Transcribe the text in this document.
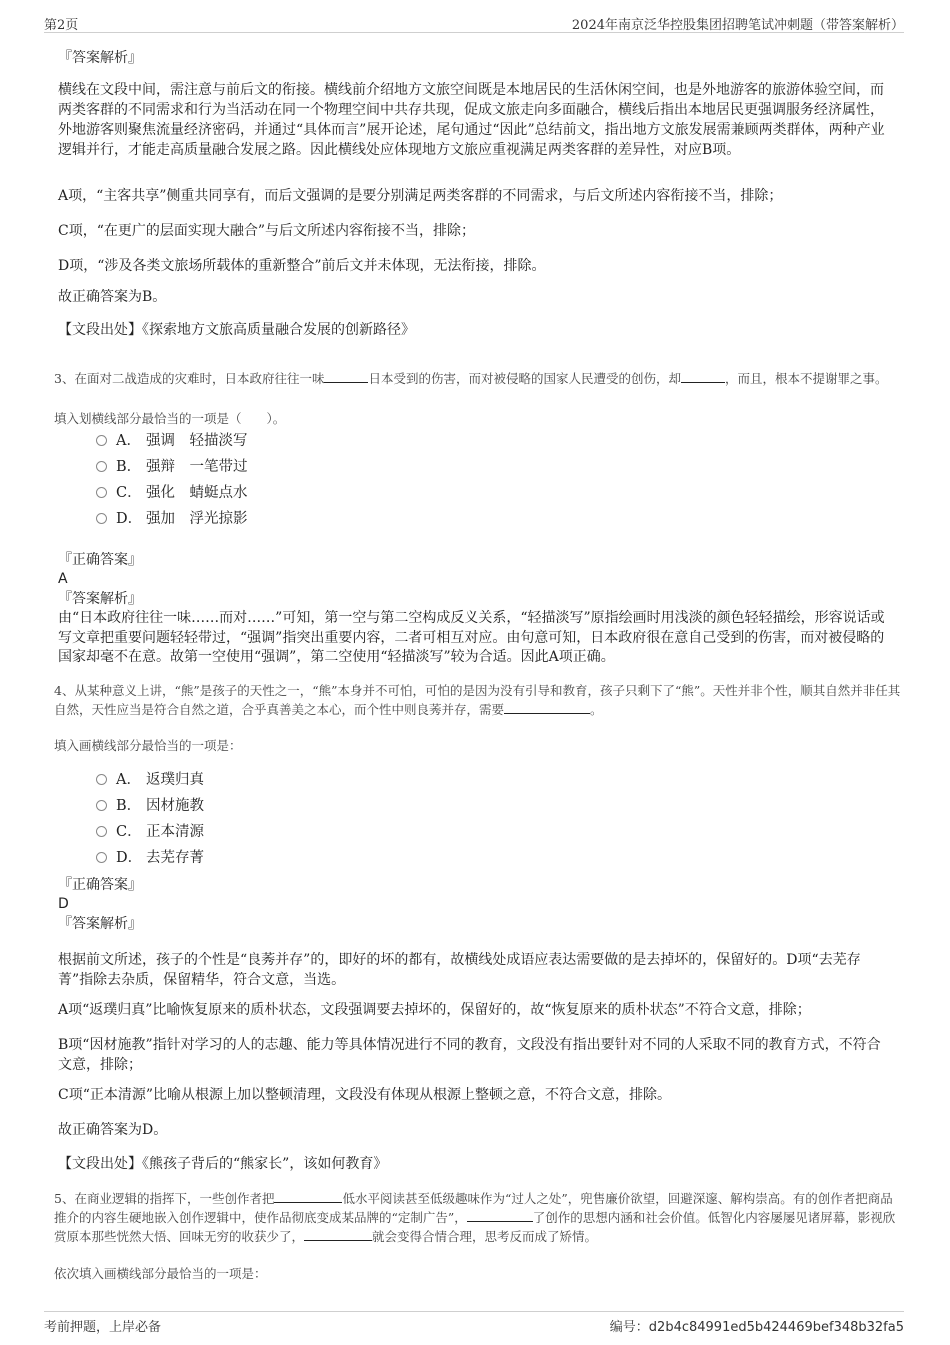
第2页	2024年南京泛华控股集团招聘笔试冲刺题（带答案解析）

『答案解析』

横线在文段中间，需注意与前后文的衔接。横线前介绍地方文旅空间既是本地居民的生活休闲空间，也是外地游客的旅游体验空间，而两类客群的不同需求和行为当活动在同一个物理空间中共存共现，促成文旅走向多面融合，横线后指出本地居民更强调服务经济属性，外地游客则聚焦流量经济密码，并通过“具体而言”展开论述，尾句通过“因此”总结前文，指出地方文旅发展需兼顾两类群体，两种产业逻辑并行，才能走高质量融合发展之路。因此横线处应体现地方文旅应重视满足两类客群的差异性，对应B项。

A项，“主客共享”侧重共同享有，而后文强调的是要分别满足两类客群的不同需求，与后文所述内容衔接不当，排除；

C项，“在更广的层面实现大融合”与后文所述内容衔接不当，排除；

D项，“涉及各类文旅场所载体的重新整合”前后文并未体现，无法衔接，排除。

故正确答案为B。

【文段出处】《探索地方文旅高质量融合发展的创新路径》

3、在面对二战造成的灾难时，日本政府往往一味	日本受到的伤害，而对被侵略的国家人民遭受的创伤，却	，而且，根本不提谢罪之事。

填入划横线部分最恰当的一项是（　　）。

A． 强调　轻描淡写
B． 强辩　一笔带过
C． 强化　蜻蜓点水
D． 强加　浮光掠影

『正确答案』

A

『答案解析』

由“日本政府往往一味……而对……”可知，第一空与第二空构成反义关系，“轻描淡写”原指绘画时用浅淡的颜色轻轻描绘，形容说话或写文章把重要问题轻轻带过，“强调”指突出重要内容，二者可相互对应。由句意可知，日本政府很在意自己受到的伤害，而对被侵略的国家却毫不在意。故第一空使用“强调”，第二空使用“轻描淡写”较为合适。因此A项正确。

4、从某种意义上讲，“熊”是孩子的天性之一，“熊”本身并不可怕，可怕的是因为没有引导和教育，孩子只剩下了“熊”。天性并非个性，顺其自然并非任其自然，天性应当是符合自然之道，合乎真善美之本心，而个性中则良莠并存，需要	。

填入画横线部分最恰当的一项是：

A． 返璞归真
B． 因材施教
C． 正本清源
D． 去芜存菁

『正确答案』

D

『答案解析』

根据前文所述，孩子的个性是“良莠并存”的，即好的坏的都有，故横线处成语应表达需要做的是去掉坏的，保留好的。D项“去芜存菁”指除去杂质，保留精华，符合文意，当选。

A项“返璞归真”比喻恢复原来的质朴状态，文段强调要去掉坏的，保留好的，故“恢复原来的质朴状态”不符合文意，排除；

B项“因材施教”指针对学习的人的志趣、能力等具体情况进行不同的教育，文段没有指出要针对不同的人采取不同的教育方式，不符合文意，排除；

C项“正本清源”比喻从根源上加以整顿清理，文段没有体现从根源上整顿之意，不符合文意，排除。

故正确答案为D。

【文段出处】《熊孩子背后的“熊家长”，该如何教育》

5、在商业逻辑的指挥下，一些创作者把	低水平阅读甚至低级趣味作为“过人之处”，兜售廉价欲望，回避深邃、解构崇高。有的创作者把商品推介的内容生硬地嵌入创作逻辑中，使作品彻底变成某品牌的“定制广告”，	了创作的思想内涵和社会价值。低智化内容屡屡见诸屏幕，影视欣赏原本那些恍然大悟、回味无穷的收获少了，	就会变得合情合理，思考反而成了矫情。

依次填入画横线部分最恰当的一项是：

考前押题，上岸必备	编号：d2b4c84991ed5b424469bef348b32fa5
